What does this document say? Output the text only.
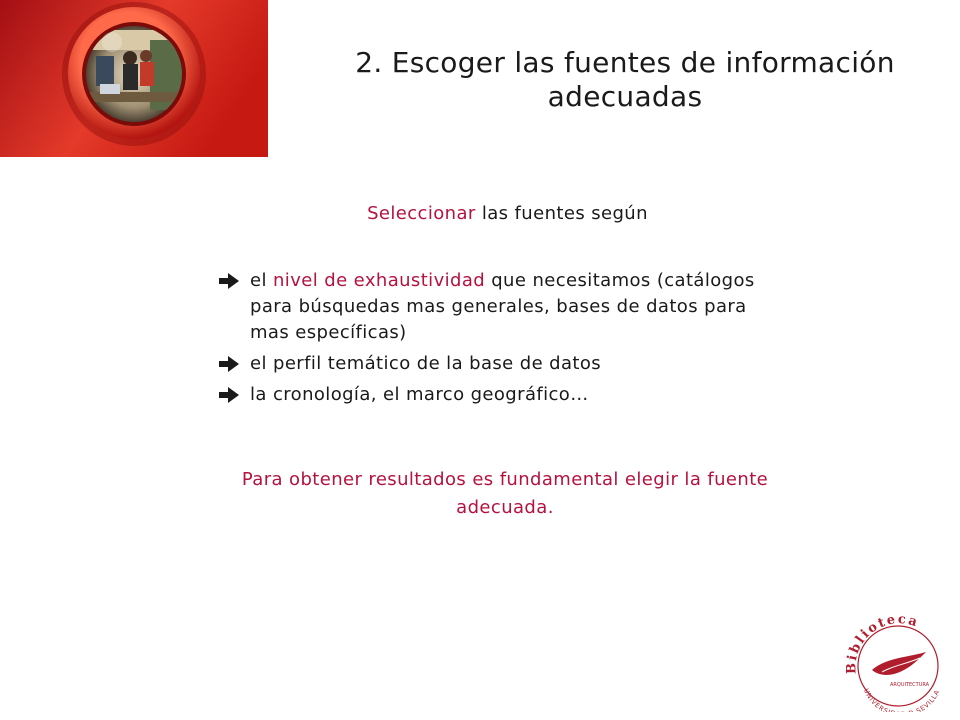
2. Escoger las fuentes de información adecuadas

Seleccionar las fuentes según

el nivel de exhaustividad que necesitamos (catálogos para búsquedas mas generales, bases de datos para mas específicas)
el perfil temático de la base de datos
la cronología, el marco geográfico…

Para obtener resultados es fundamental elegir la fuente adecuada.

Biblioteca
UNIVERS SEVILLA
ARQUITECTURA
